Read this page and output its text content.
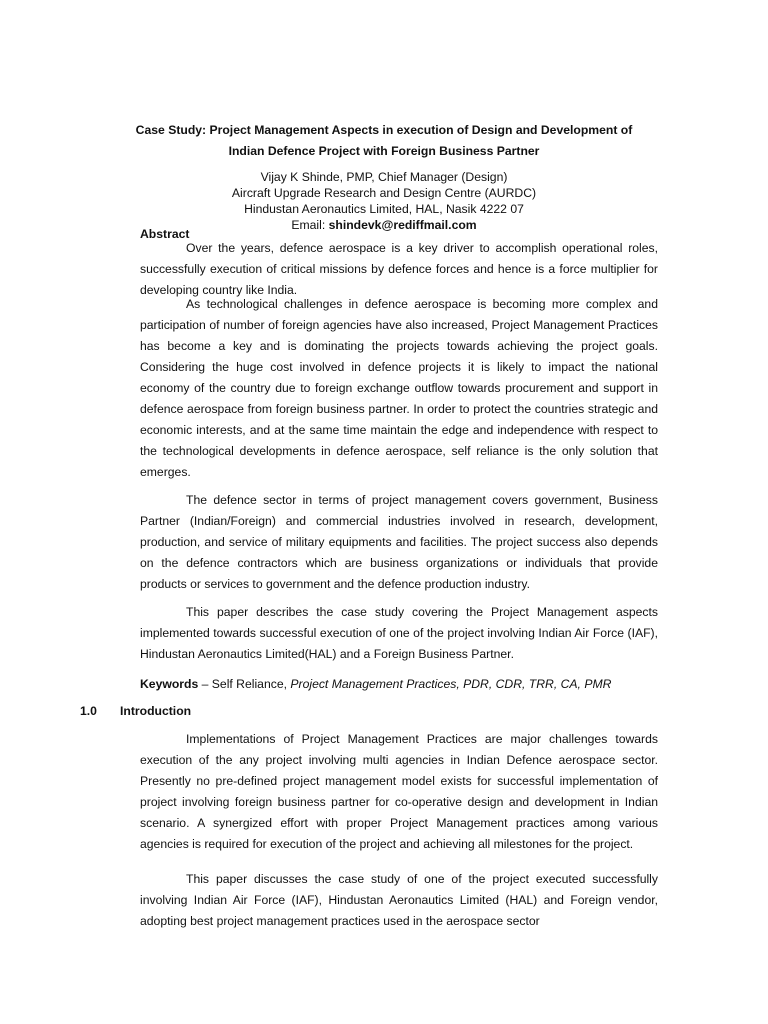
Case Study: Project Management Aspects in execution of Design and Development of
Indian Defence Project with Foreign Business Partner
Vijay K Shinde, PMP, Chief Manager (Design)
Aircraft Upgrade Research and Design Centre (AURDC)
Hindustan Aeronautics Limited, HAL, Nasik 4222 07
Email: shindevk@rediffmail.com
Abstract

Over the years, defence aerospace is a key driver to accomplish operational roles, successfully execution of critical missions by defence forces and hence is a force multiplier for developing country like India.

As technological challenges in defence aerospace is becoming more complex and participation of number of foreign agencies have also increased, Project Management Practices has become a key and is dominating the projects towards achieving the project goals. Considering the huge cost involved in defence projects it is likely to impact the national economy of the country due to foreign exchange outflow towards procurement and support in defence aerospace from foreign business partner. In order to protect the countries strategic and economic interests, and at the same time maintain the edge and independence with respect to the technological developments in defence aerospace, self reliance is the only solution that emerges.

The defence sector in terms of project management covers government, Business Partner (Indian/Foreign) and commercial industries involved in research, development, production, and service of military equipments and facilities. The project success also depends on the defence contractors which are business organizations or individuals that provide products or services to government and the defence production industry.

This paper describes the case study covering the Project Management aspects implemented towards successful execution of one of the project involving Indian Air Force (IAF), Hindustan Aeronautics Limited(HAL) and a Foreign Business Partner.

Keywords – Self Reliance, Project Management Practices, PDR, CDR, TRR, CA, PMR

1.0 Introduction

Implementations of Project Management Practices are major challenges towards execution of the any project involving multi agencies in Indian Defence aerospace sector. Presently no pre-defined project management model exists for successful implementation of project involving foreign business partner for co-operative design and development in Indian scenario. A synergized effort with proper Project Management practices among various agencies is required for execution of the project and achieving all milestones for the project.

This paper discusses the case study of one of the project executed successfully involving Indian Air Force (IAF), Hindustan Aeronautics Limited (HAL) and Foreign vendor, adopting best project management practices used in the aerospace sector
